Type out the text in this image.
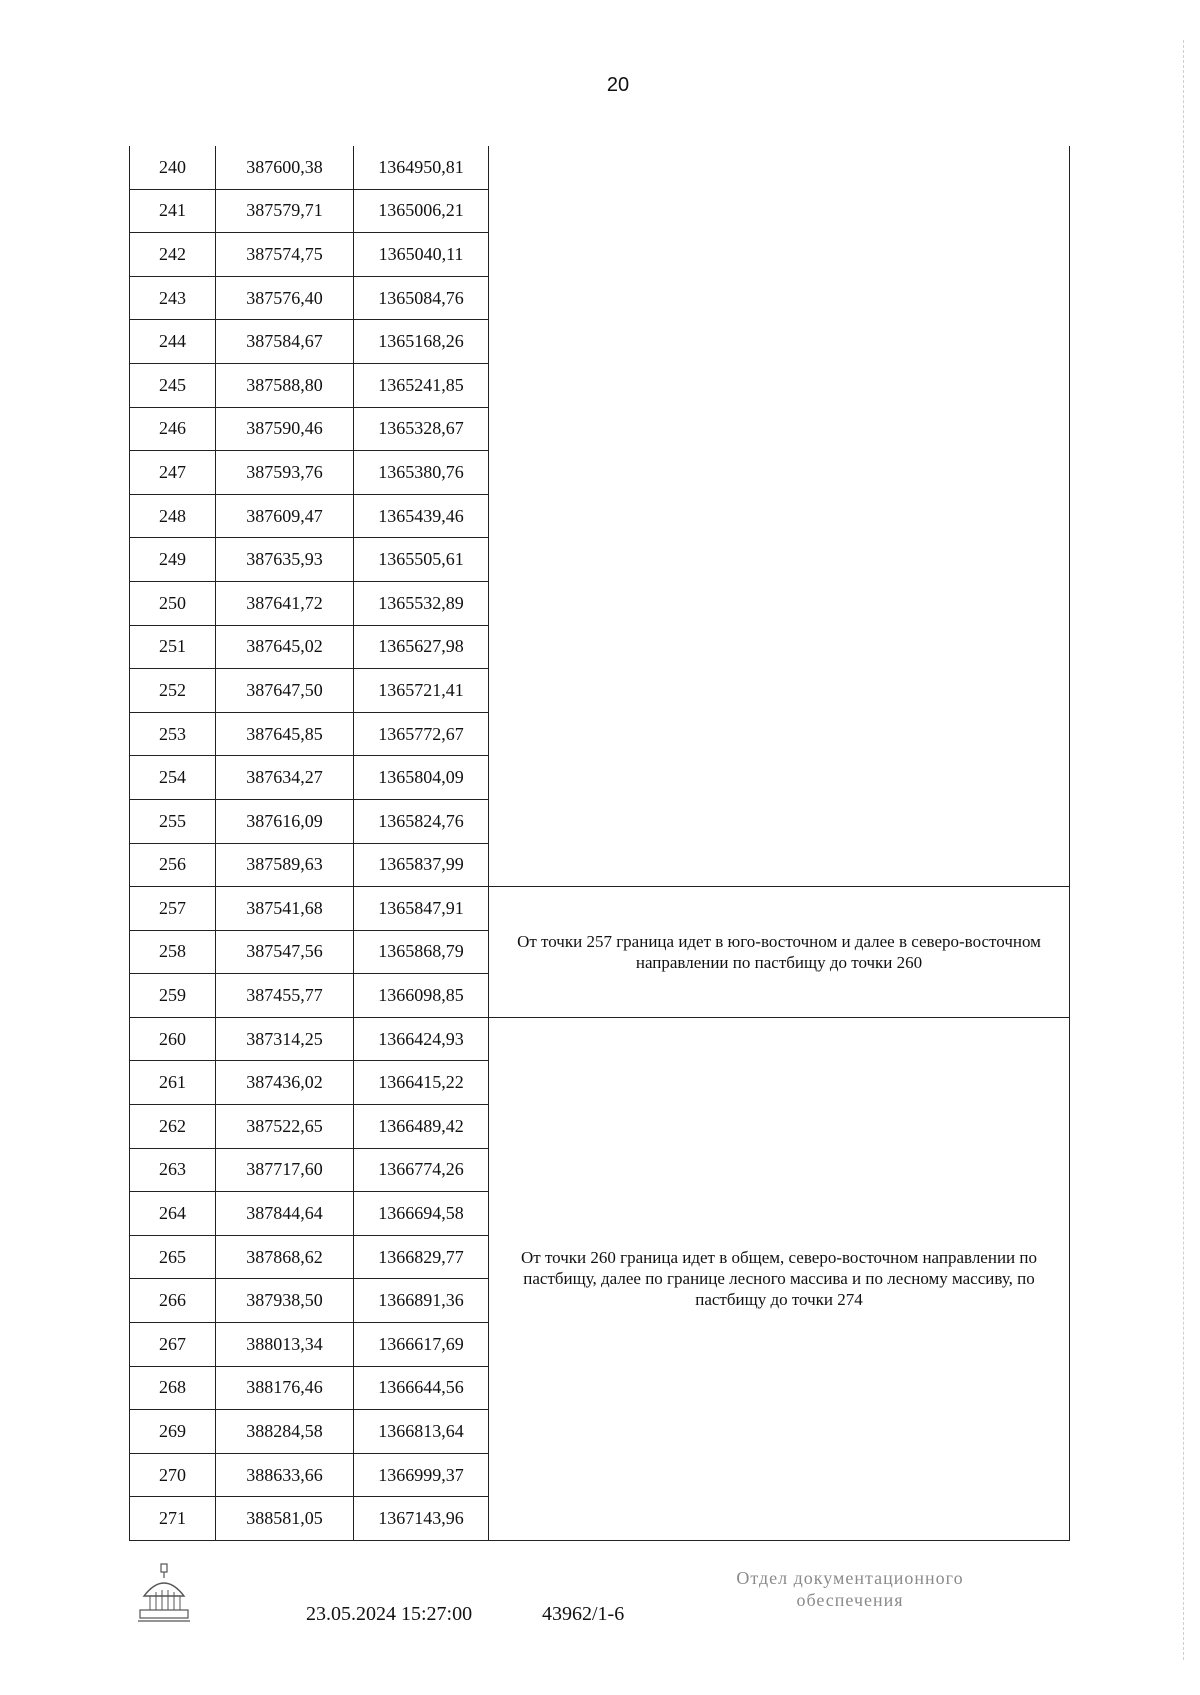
20
240	387600,38	1364950,81	
241	387579,71	1365006,21	
242	387574,75	1365040,11	
243	387576,40	1365084,76	
244	387584,67	1365168,26	
245	387588,80	1365241,85	
246	387590,46	1365328,67	
247	387593,76	1365380,76	
248	387609,47	1365439,46	
249	387635,93	1365505,61	
250	387641,72	1365532,89	
251	387645,02	1365627,98	
252	387647,50	1365721,41	
253	387645,85	1365772,67	
254	387634,27	1365804,09	
255	387616,09	1365824,76	
256	387589,63	1365837,99	
257	387541,68	1365847,91	От точки 257 граница идет в юго-восточном и далее в северо-восточном направлении по пастбищу до точки 260
258	387547,56	1365868,79	
259	387455,77	1366098,85	
260	387314,25	1366424,93	От точки 260 граница идет в общем, северо-восточном направлении по пастбищу, далее по границе лесного массива и по лесному массиву, по пастбищу до точки 274
261	387436,02	1366415,22	
262	387522,65	1366489,42	
263	387717,60	1366774,26	
264	387844,64	1366694,58	
265	387868,62	1366829,77	
266	387938,50	1366891,36	
267	388013,34	1366617,69	
268	388176,46	1366644,56	
269	388284,58	1366813,64	
270	388633,66	1366999,37	
271	388581,05	1367143,96	
23.05.2024 15:27:00	43962/1-6
Отдел документационного
обеспечения
